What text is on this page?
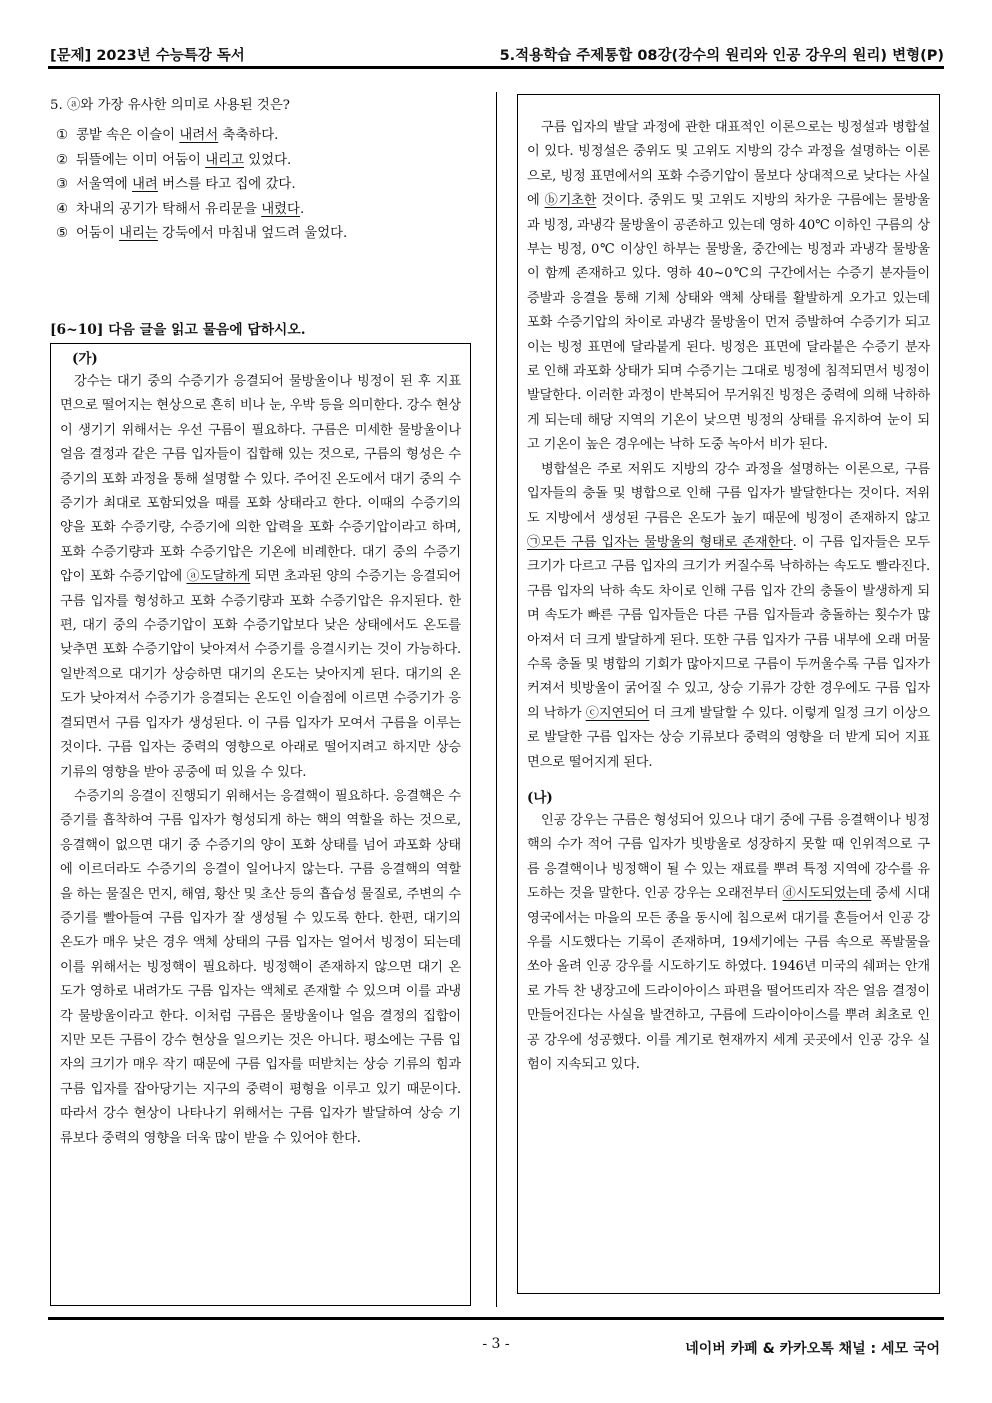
[문제] 2023년 수능특강 독서	5.적용학습 주제통합 08강(강수의 원리와 인공 강우의 원리) 변형(P)
5. ⓐ와 가장 유사한 의미로 사용된 것은?
① 콩밭 속은 이슬이 내려서 축축하다.
② 뒤뜰에는 이미 어둠이 내리고 있었다.
③ 서울역에 내려 버스를 타고 집에 갔다.
④ 차내의 공기가 탁해서 유리문을 내렸다.
⑤ 어둠이 내리는 강둑에서 마침내 엎드려 울었다.
[6~10] 다음 글을 읽고 물음에 답하시오.

(가)

강수는 대기 중의 수증기가 응결되어 물방울이나 빙정이 된 후 지표면으로 떨어지는 현상으로 흔히 비나 눈, 우박 등을 의미한다. 강수 현상이 생기기 위해서는 우선 구름이 필요하다. 구름은 미세한 물방울이나 얼음 결정과 같은 구름 입자들이 집합해 있는 것으로, 구름의 형성은 수증기의 포화 과정을 통해 설명할 수 있다. 주어진 온도에서 대기 중의 수증기가 최대로 포함되었을 때를 포화 상태라고 한다. 이때의 수증기의 양을 포화 수증기량, 수증기에 의한 압력을 포화 수증기압이라고 하며, 포화 수증기량과 포화 수증기압은 기온에 비례한다. 대기 중의 수증기압이 포화 수증기압에 ⓐ도달하게 되면 초과된 양의 수증기는 응결되어 구름 입자를 형성하고 포화 수증기량과 포화 수증기압은 유지된다. 한편, 대기 중의 수증기압이 포화 수증기압보다 낮은 상태에서도 온도를 낮추면 포화 수증기압이 낮아져서 수증기를 응결시키는 것이 가능하다. 일반적으로 대기가 상승하면 대기의 온도는 낮아지게 된다. 대기의 온도가 낮아져서 수증기가 응결되는 온도인 이슬점에 이르면 수증기가 응결되면서 구름 입자가 생성된다. 이 구름 입자가 모여서 구름을 이루는 것이다. 구름 입자는 중력의 영향으로 아래로 떨어지려고 하지만 상승 기류의 영향을 받아 공중에 떠 있을 수 있다.

수증기의 응결이 진행되기 위해서는 응결핵이 필요하다. 응결핵은 수증기를 흡착하여 구름 입자가 형성되게 하는 핵의 역할을 하는 것으로, 응결핵이 없으면 대기 중 수증기의 양이 포화 상태를 넘어 과포화 상태에 이르더라도 수증기의 응결이 일어나지 않는다. 구름 응결핵의 역할을 하는 물질은 먼지, 해염, 황산 및 초산 등의 흡습성 물질로, 주변의 수증기를 빨아들여 구름 입자가 잘 생성될 수 있도록 한다. 한편, 대기의 온도가 매우 낮은 경우 액체 상태의 구름 입자는 얼어서 빙정이 되는데 이를 위해서는 빙정핵이 필요하다. 빙정핵이 존재하지 않으면 대기 온도가 영하로 내려가도 구름 입자는 액체로 존재할 수 있으며 이를 과냉각 물방울이라고 한다. 이처럼 구름은 물방울이나 얼음 결정의 집합이지만 모든 구름이 강수 현상을 일으키는 것은 아니다. 평소에는 구름 입자의 크기가 매우 작기 때문에 구름 입자를 떠받치는 상승 기류의 힘과 구름 입자를 잡아당기는 지구의 중력이 평형을 이루고 있기 때문이다. 따라서 강수 현상이 나타나기 위해서는 구름 입자가 발달하여 상승 기류보다 중력의 영향을 더욱 많이 받을 수 있어야 한다.

구름 입자의 발달 과정에 관한 대표적인 이론으로는 빙정설과 병합설이 있다. 빙정설은 중위도 및 고위도 지방의 강수 과정을 설명하는 이론으로, 빙정 표면에서의 포화 수증기압이 물보다 상대적으로 낮다는 사실에 ⓑ기초한 것이다. 중위도 및 고위도 지방의 차가운 구름에는 물방울과 빙정, 과냉각 물방울이 공존하고 있는데 영하 40℃ 이하인 구름의 상부는 빙정, 0℃ 이상인 하부는 물방울, 중간에는 빙정과 과냉각 물방울이 함께 존재하고 있다. 영하 40~0℃의 구간에서는 수증기 분자들이 증발과 응결을 통해 기체 상태와 액체 상태를 활발하게 오가고 있는데 포화 수증기압의 차이로 과냉각 물방울이 먼저 증발하여 수증기가 되고 이는 빙정 표면에 달라붙게 된다. 빙정은 표면에 달라붙은 수증기 분자로 인해 과포화 상태가 되며 수증기는 그대로 빙정에 침적되면서 빙정이 발달한다. 이러한 과정이 반복되어 무거워진 빙정은 중력에 의해 낙하하게 되는데 해당 지역의 기온이 낮으면 빙정의 상태를 유지하여 눈이 되고 기온이 높은 경우에는 낙하 도중 녹아서 비가 된다.

병합설은 주로 저위도 지방의 강수 과정을 설명하는 이론으로, 구름 입자들의 충돌 및 병합으로 인해 구름 입자가 발달한다는 것이다. 저위도 지방에서 생성된 구름은 온도가 높기 때문에 빙정이 존재하지 않고 ㉠모든 구름 입자는 물방울의 형태로 존재한다. 이 구름 입자들은 모두 크기가 다르고 구름 입자의 크기가 커질수록 낙하하는 속도도 빨라진다. 구름 입자의 낙하 속도 차이로 인해 구름 입자 간의 충돌이 발생하게 되며 속도가 빠른 구름 입자들은 다른 구름 입자들과 충돌하는 횟수가 많아져서 더 크게 발달하게 된다. 또한 구름 입자가 구름 내부에 오래 머물수록 충돌 및 병합의 기회가 많아지므로 구름이 두꺼울수록 구름 입자가 커져서 빗방울이 굵어질 수 있고, 상승 기류가 강한 경우에도 구름 입자의 낙하가 ⓒ지연되어 더 크게 발달할 수 있다. 이렇게 일정 크기 이상으로 발달한 구름 입자는 상승 기류보다 중력의 영향을 더 받게 되어 지표면으로 떨어지게 된다.

(나)

인공 강우는 구름은 형성되어 있으나 대기 중에 구름 응결핵이나 빙정핵의 수가 적어 구름 입자가 빗방울로 성장하지 못할 때 인위적으로 구름 응결핵이나 빙정핵이 될 수 있는 재료를 뿌려 특정 지역에 강수를 유도하는 것을 말한다. 인공 강우는 오래전부터 ⓓ시도되었는데 중세 시대 영국에서는 마을의 모든 종을 동시에 침으로써 대기를 흔들어서 인공 강우를 시도했다는 기록이 존재하며, 19세기에는 구름 속으로 폭발물을 쏘아 올려 인공 강우를 시도하기도 하였다. 1946년 미국의 쉐퍼는 안개로 가득 찬 냉장고에 드라이아이스 파편을 떨어뜨리자 작은 얼음 결정이 만들어진다는 사실을 발견하고, 구름에 드라이아이스를 뿌려 최초로 인공 강우에 성공했다. 이를 계기로 현재까지 세계 곳곳에서 인공 강우 실험이 지속되고 있다.

- 3 -	네이버 카페 & 카카오톡 채널 : 세모 국어
